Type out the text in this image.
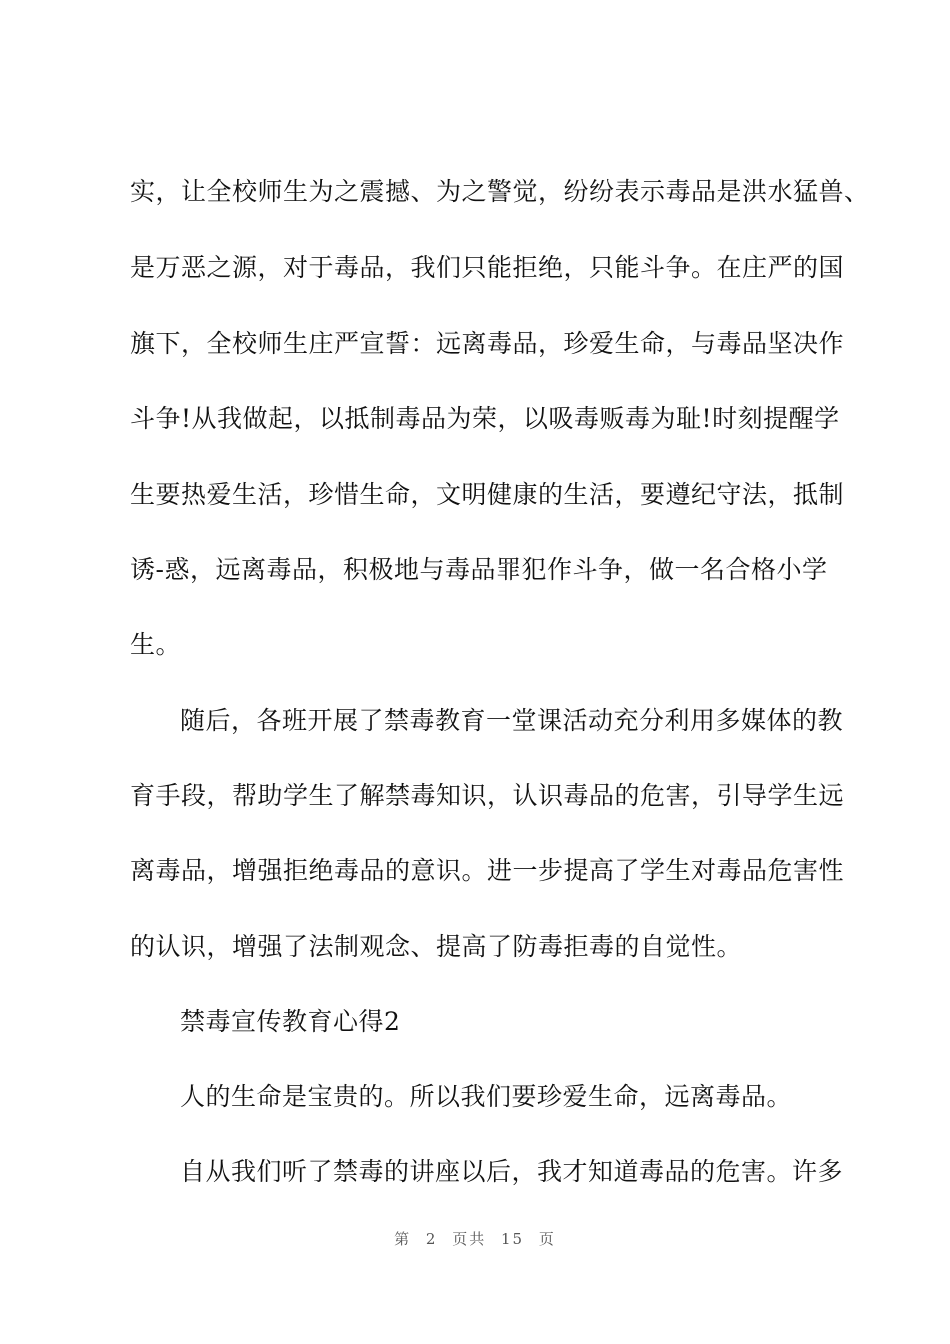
实，让全校师生为之震撼、为之警觉，纷纷表示毒品是洪水猛兽、
是万恶之源，对于毒品，我们只能拒绝，只能斗争。在庄严的国
旗下，全校师生庄严宣誓：远离毒品，珍爱生命，与毒品坚决作
斗争!从我做起，以抵制毒品为荣，以吸毒贩毒为耻!时刻提醒学
生要热爱生活，珍惜生命，文明健康的生活，要遵纪守法，抵制
诱-惑，远离毒品，积极地与毒品罪犯作斗争，做一名合格小学
生。
随后，各班开展了禁毒教育一堂课活动充分利用多媒体的教
育手段，帮助学生了解禁毒知识，认识毒品的危害，引导学生远
离毒品，增强拒绝毒品的意识。进一步提高了学生对毒品危害性
的认识，增强了法制观念、提高了防毒拒毒的自觉性。
禁毒宣传教育心得2
人的生命是宝贵的。所以我们要珍爱生命，远离毒品。
自从我们听了禁毒的讲座以后，我才知道毒品的危害。许多
第 2 页共 15 页
